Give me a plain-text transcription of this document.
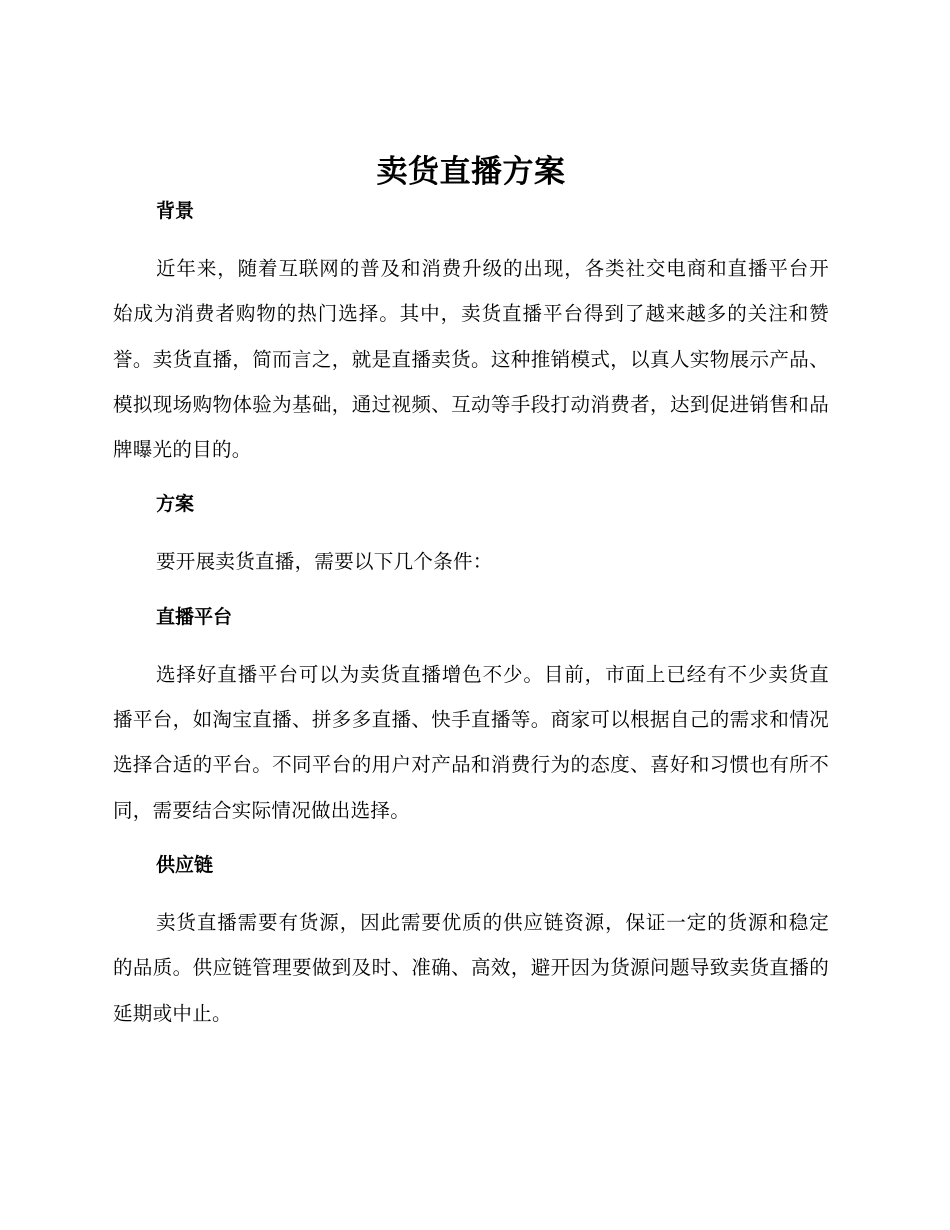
卖货直播方案
背景

近年来，随着互联网的普及和消费升级的出现，各类社交电商和直播平台开始成为消费者购物的热门选择。其中，卖货直播平台得到了越来越多的关注和赞誉。卖货直播，简而言之，就是直播卖货。这种推销模式，以真人实物展示产品、模拟现场购物体验为基础，通过视频、互动等手段打动消费者，达到促进销售和品牌曝光的目的。

方案

要开展卖货直播，需要以下几个条件：

直播平台

选择好直播平台可以为卖货直播增色不少。目前，市面上已经有不少卖货直播平台，如淘宝直播、拼多多直播、快手直播等。商家可以根据自己的需求和情况选择合适的平台。不同平台的用户对产品和消费行为的态度、喜好和习惯也有所不同，需要结合实际情况做出选择。

供应链

卖货直播需要有货源，因此需要优质的供应链资源，保证一定的货源和稳定的品质。供应链管理要做到及时、准确、高效，避开因为货源问题导致卖货直播的延期或中止。
